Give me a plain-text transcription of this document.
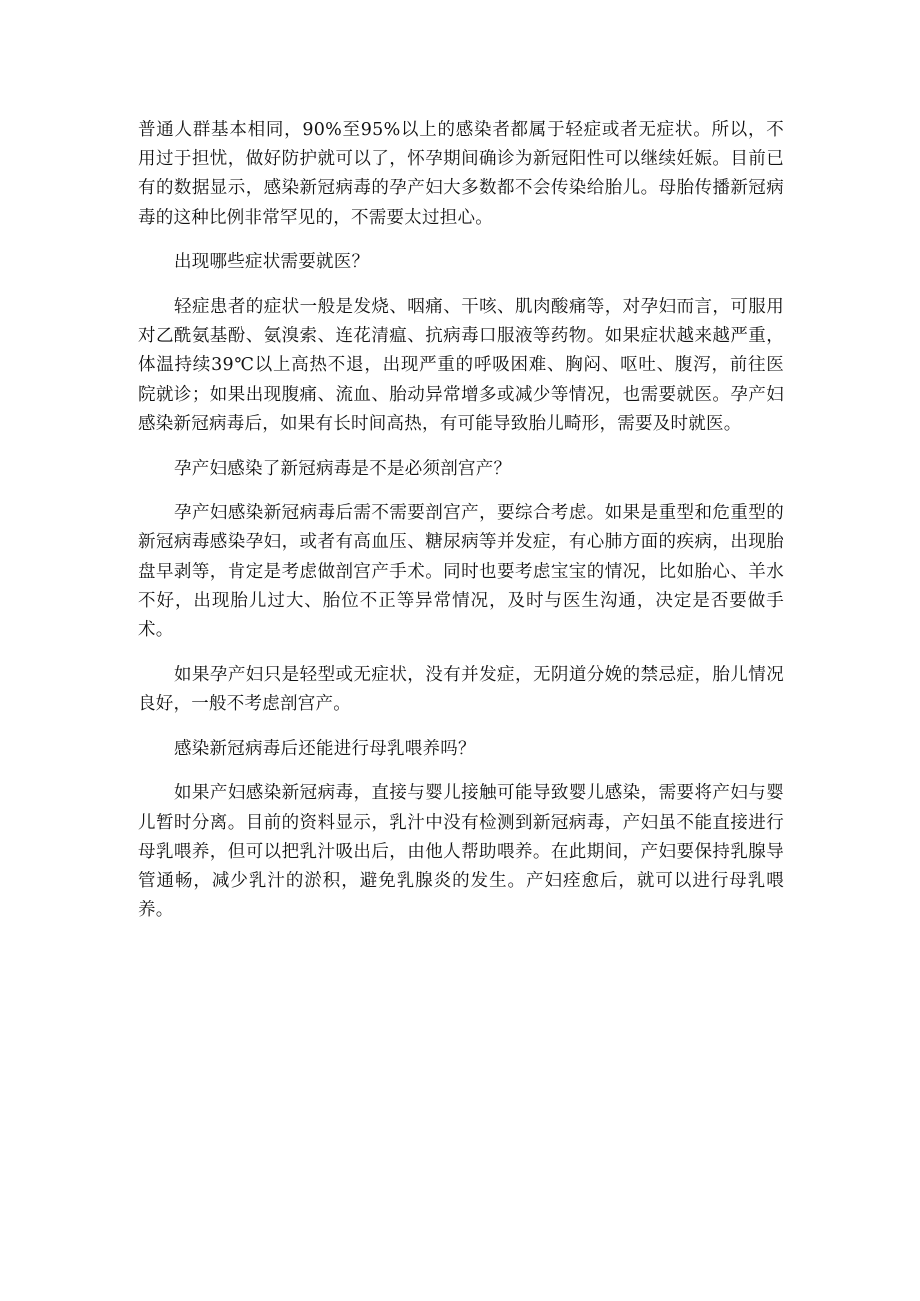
普通人群基本相同，90%至95%以上的感染者都属于轻症或者无症状。所以，不用过于担忧，做好防护就可以了，怀孕期间确诊为新冠阳性可以继续妊娠。目前已有的数据显示，感染新冠病毒的孕产妇大多数都不会传染给胎儿。母胎传播新冠病毒的这种比例非常罕见的，不需要太过担心。

出现哪些症状需要就医？

轻症患者的症状一般是发烧、咽痛、干咳、肌肉酸痛等，对孕妇而言，可服用对乙酰氨基酚、氨溴索、连花清瘟、抗病毒口服液等药物。如果症状越来越严重，体温持续39℃以上高热不退，出现严重的呼吸困难、胸闷、呕吐、腹泻，前往医院就诊；如果出现腹痛、流血、胎动异常增多或减少等情况，也需要就医。孕产妇感染新冠病毒后，如果有长时间高热，有可能导致胎儿畸形，需要及时就医。

孕产妇感染了新冠病毒是不是必须剖宫产？

孕产妇感染新冠病毒后需不需要剖宫产，要综合考虑。如果是重型和危重型的新冠病毒感染孕妇，或者有高血压、糖尿病等并发症，有心肺方面的疾病，出现胎盘早剥等，肯定是考虑做剖宫产手术。同时也要考虑宝宝的情况，比如胎心、羊水不好，出现胎儿过大、胎位不正等异常情况，及时与医生沟通，决定是否要做手术。

如果孕产妇只是轻型或无症状，没有并发症，无阴道分娩的禁忌症，胎儿情况良好，一般不考虑剖宫产。

感染新冠病毒后还能进行母乳喂养吗？

如果产妇感染新冠病毒，直接与婴儿接触可能导致婴儿感染，需要将产妇与婴儿暂时分离。目前的资料显示，乳汁中没有检测到新冠病毒，产妇虽不能直接进行母乳喂养，但可以把乳汁吸出后，由他人帮助喂养。在此期间，产妇要保持乳腺导管通畅，减少乳汁的淤积，避免乳腺炎的发生。产妇痊愈后，就可以进行母乳喂养。
